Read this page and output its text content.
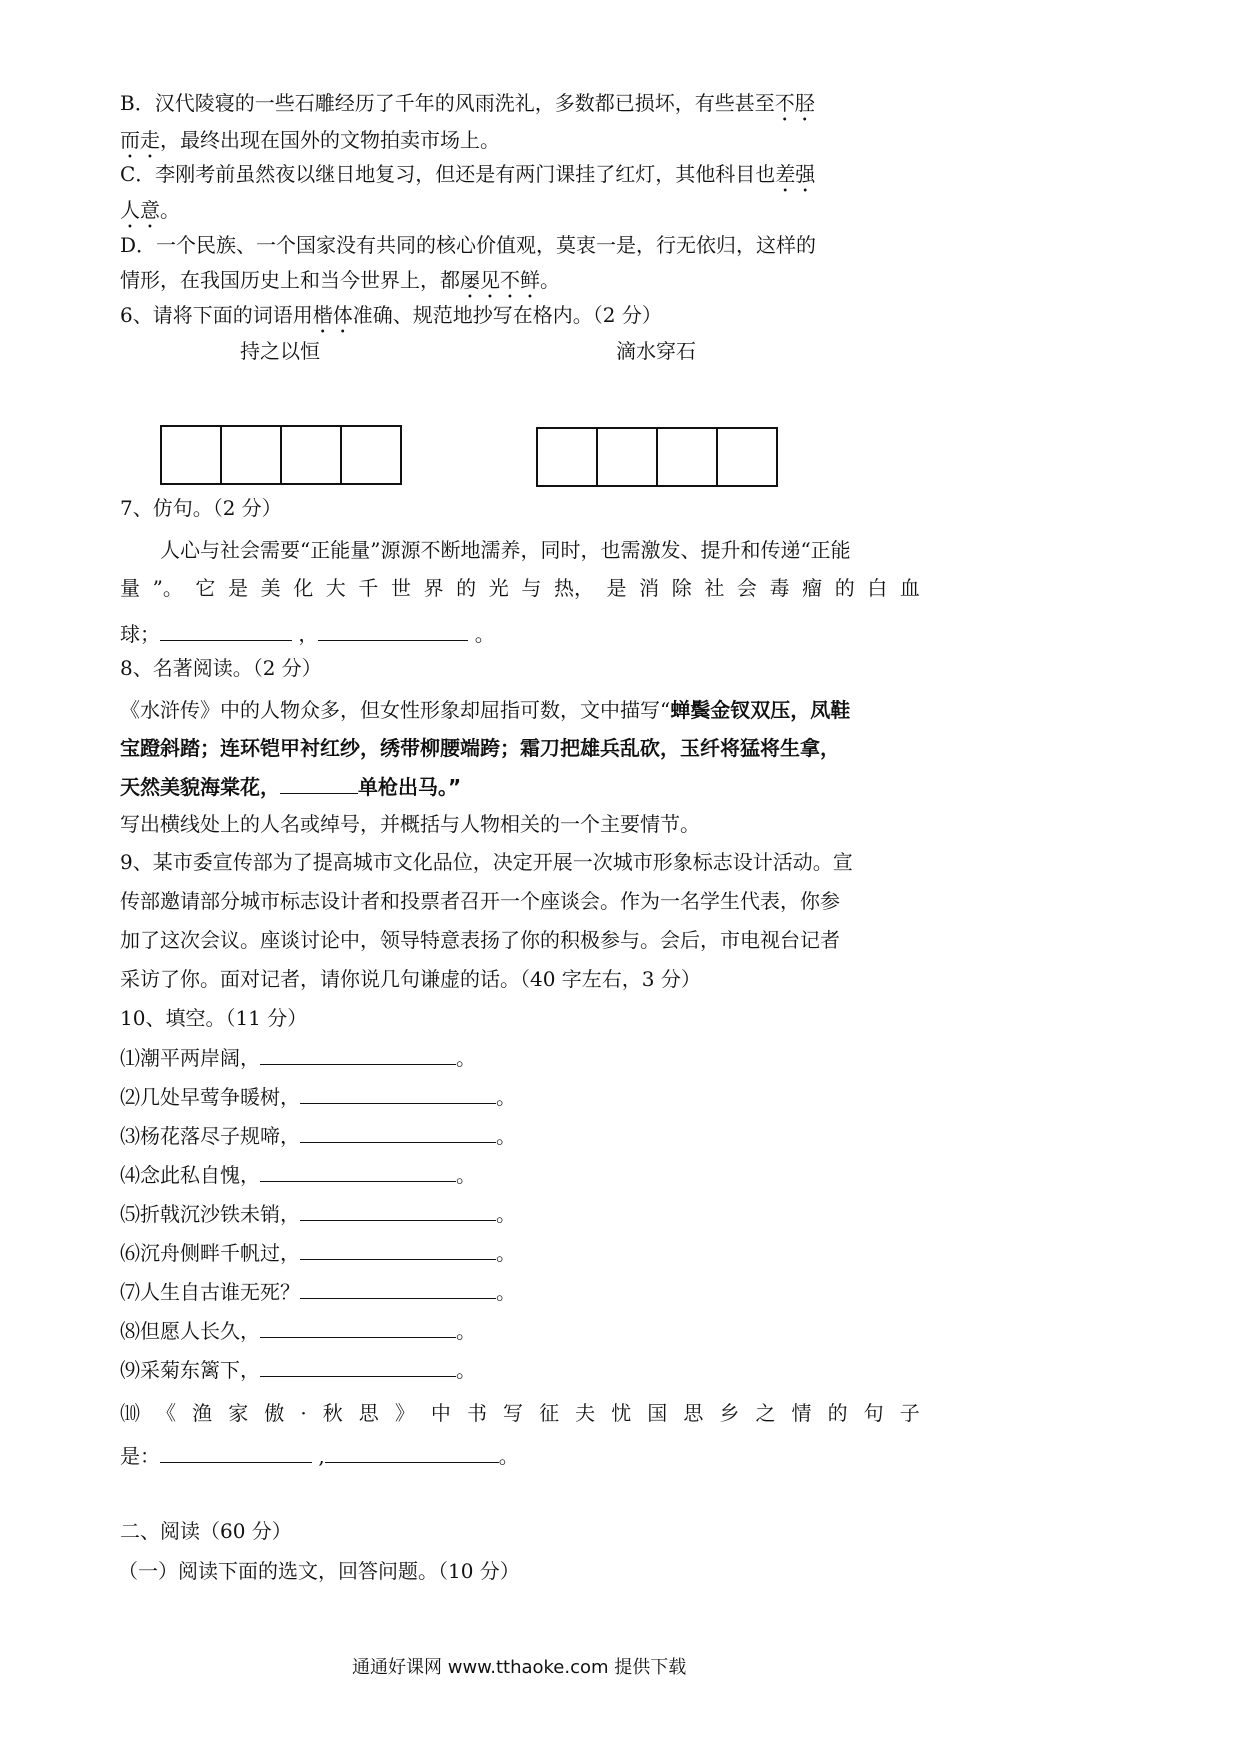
B．汉代陵寝的一些石雕经历了千年的风雨洗礼，多数都已损坏，有些甚至不胫
而走，最终出现在国外的文物拍卖市场上。
C．李刚考前虽然夜以继日地复习，但还是有两门课挂了红灯，其他科目也差强
人意。
D．一个民族、一个国家没有共同的核心价值观，莫衷一是，行无依归，这样的
情形，在我国历史上和当今世界上，都屡见不鲜。
6、请将下面的词语用楷体准确、规范地抄写在格内。（2 分）
持之以恒	滴水穿石
7、仿句。（2 分）
人心与社会需要“正能量”源源不断地濡养，同时，也需激发、提升和传递“正能
量 ”。 它 是 美 化 大 千 世 界 的 光 与 热， 是 消 除 社 会 毒 瘤 的 白 血
球；	，	。
8、名著阅读。（2 分）
《水浒传》中的人物众多，但女性形象却屈指可数，文中描写“蝉鬓金钗双压，凤鞋
宝蹬斜踏；连环铠甲衬红纱，绣带柳腰端跨；霜刀把雄兵乱砍，玉纤将猛将生拿，
天然美貌海棠花，	单枪出马。”
写出横线处上的人名或绰号，并概括与人物相关的一个主要情节。
9、某市委宣传部为了提高城市文化品位，决定开展一次城市形象标志设计活动。宣
传部邀请部分城市标志设计者和投票者召开一个座谈会。作为一名学生代表，你参
加了这次会议。座谈讨论中，领导特意表扬了你的积极参与。会后，市电视台记者
采访了你。面对记者，请你说几句谦虚的话。（40 字左右，3 分）
10、填空。（11 分）
⑴潮平两岸阔，	。
⑵几处早莺争暖树，	。
⑶杨花落尽子规啼，	。
⑷念此私自愧，	。
⑸折戟沉沙铁未销，	。
⑹沉舟侧畔千帆过，	。
⑺人生自古谁无死？	。
⑻但愿人长久，	。
⑼采菊东篱下，	。
⑽ 《 渔 家 傲 · 秋 思 》 中 书 写 征 夫 忧 国 思 乡 之 情 的 句 子
是：	,	。
二、阅读（60 分）
（一）阅读下面的选文，回答问题。（10 分）
通通好课网 www.tthaoke.com 提供下载
